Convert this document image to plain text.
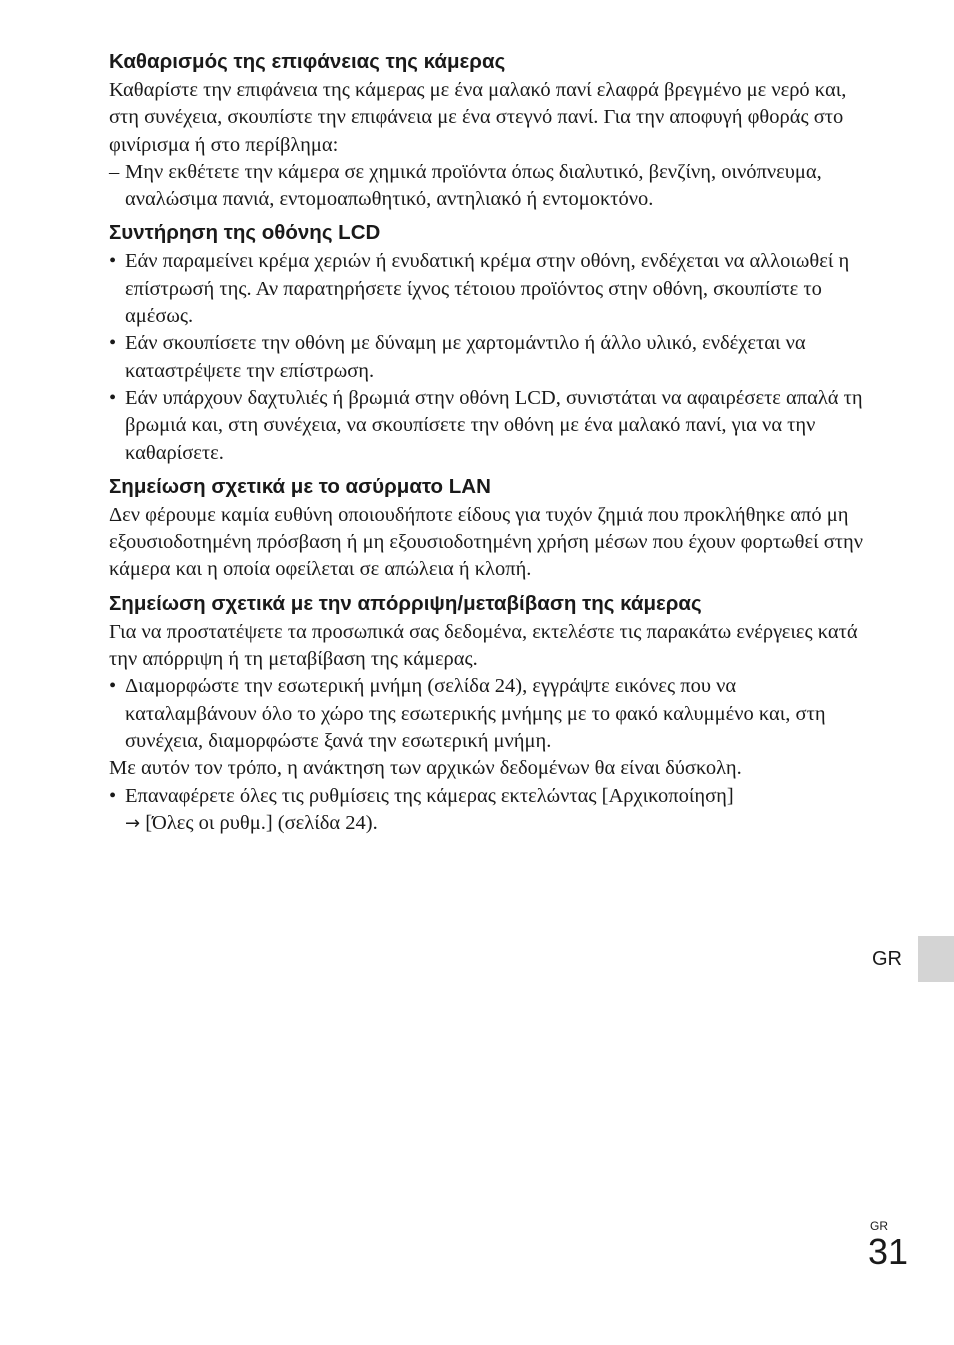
Καθαρισμός της επιφάνειας της κάμερας

Καθαρίστε την επιφάνεια της κάμερας με ένα μαλακό πανί ελαφρά βρεγμένο με νερό και, στη συνέχεια, σκουπίστε την επιφάνεια με ένα στεγνό πανί. Για την αποφυγή φθοράς στο φινίρισμα ή στο περίβλημα:

– Μην εκθέτετε την κάμερα σε χημικά προϊόντα όπως διαλυτικό, βενζίνη, οινόπνευμα, αναλώσιμα πανιά, εντομοαπωθητικό, αντηλιακό ή εντομοκτόνο.
Συντήρηση της οθόνης LCD
• Εάν παραμείνει κρέμα χεριών ή ενυδατική κρέμα στην οθόνη, ενδέχεται να αλλοιωθεί η επίστρωσή της. Αν παρατηρήσετε ίχνος τέτοιου προϊόντος στην οθόνη, σκουπίστε το αμέσως.
• Εάν σκουπίσετε την οθόνη με δύναμη με χαρτομάντιλο ή άλλο υλικό, ενδέχεται να καταστρέψετε την επίστρωση.
• Εάν υπάρχουν δαχτυλιές ή βρωμιά στην οθόνη LCD, συνιστάται να αφαιρέσετε απαλά τη βρωμιά και, στη συνέχεια, να σκουπίσετε την οθόνη με ένα μαλακό πανί, για να την καθαρίσετε.
Σημείωση σχετικά με το ασύρματο LAN

Δεν φέρουμε καμία ευθύνη οποιουδήποτε είδους για τυχόν ζημιά που προκλήθηκε από μη εξουσιοδοτημένη πρόσβαση ή μη εξουσιοδοτημένη χρήση μέσων που έχουν φορτωθεί στην κάμερα και η οποία οφείλεται σε απώλεια ή κλοπή.

Σημείωση σχετικά με την απόρριψη/μεταβίβαση της κάμερας

Για να προστατέψετε τα προσωπικά σας δεδομένα, εκτελέστε τις παρακάτω ενέργειες κατά την απόρριψη ή τη μεταβίβαση της κάμερας.

• Διαμορφώστε την εσωτερική μνήμη (σελίδα 24), εγγράψτε εικόνες που να καταλαμβάνουν όλο το χώρο της εσωτερικής μνήμης με το φακό καλυμμένο και, στη συνέχεια, διαμορφώστε ξανά την εσωτερική μνήμη.

Με αυτόν τον τρόπο, η ανάκτηση των αρχικών δεδομένων θα είναι δύσκολη.

• Επαναφέρετε όλες τις ρυθμίσεις της κάμερας εκτελώντας [Αρχικοποίηση]
→ [Όλες οι ρυθμ.] (σελίδα 24).
GR
GR
31
